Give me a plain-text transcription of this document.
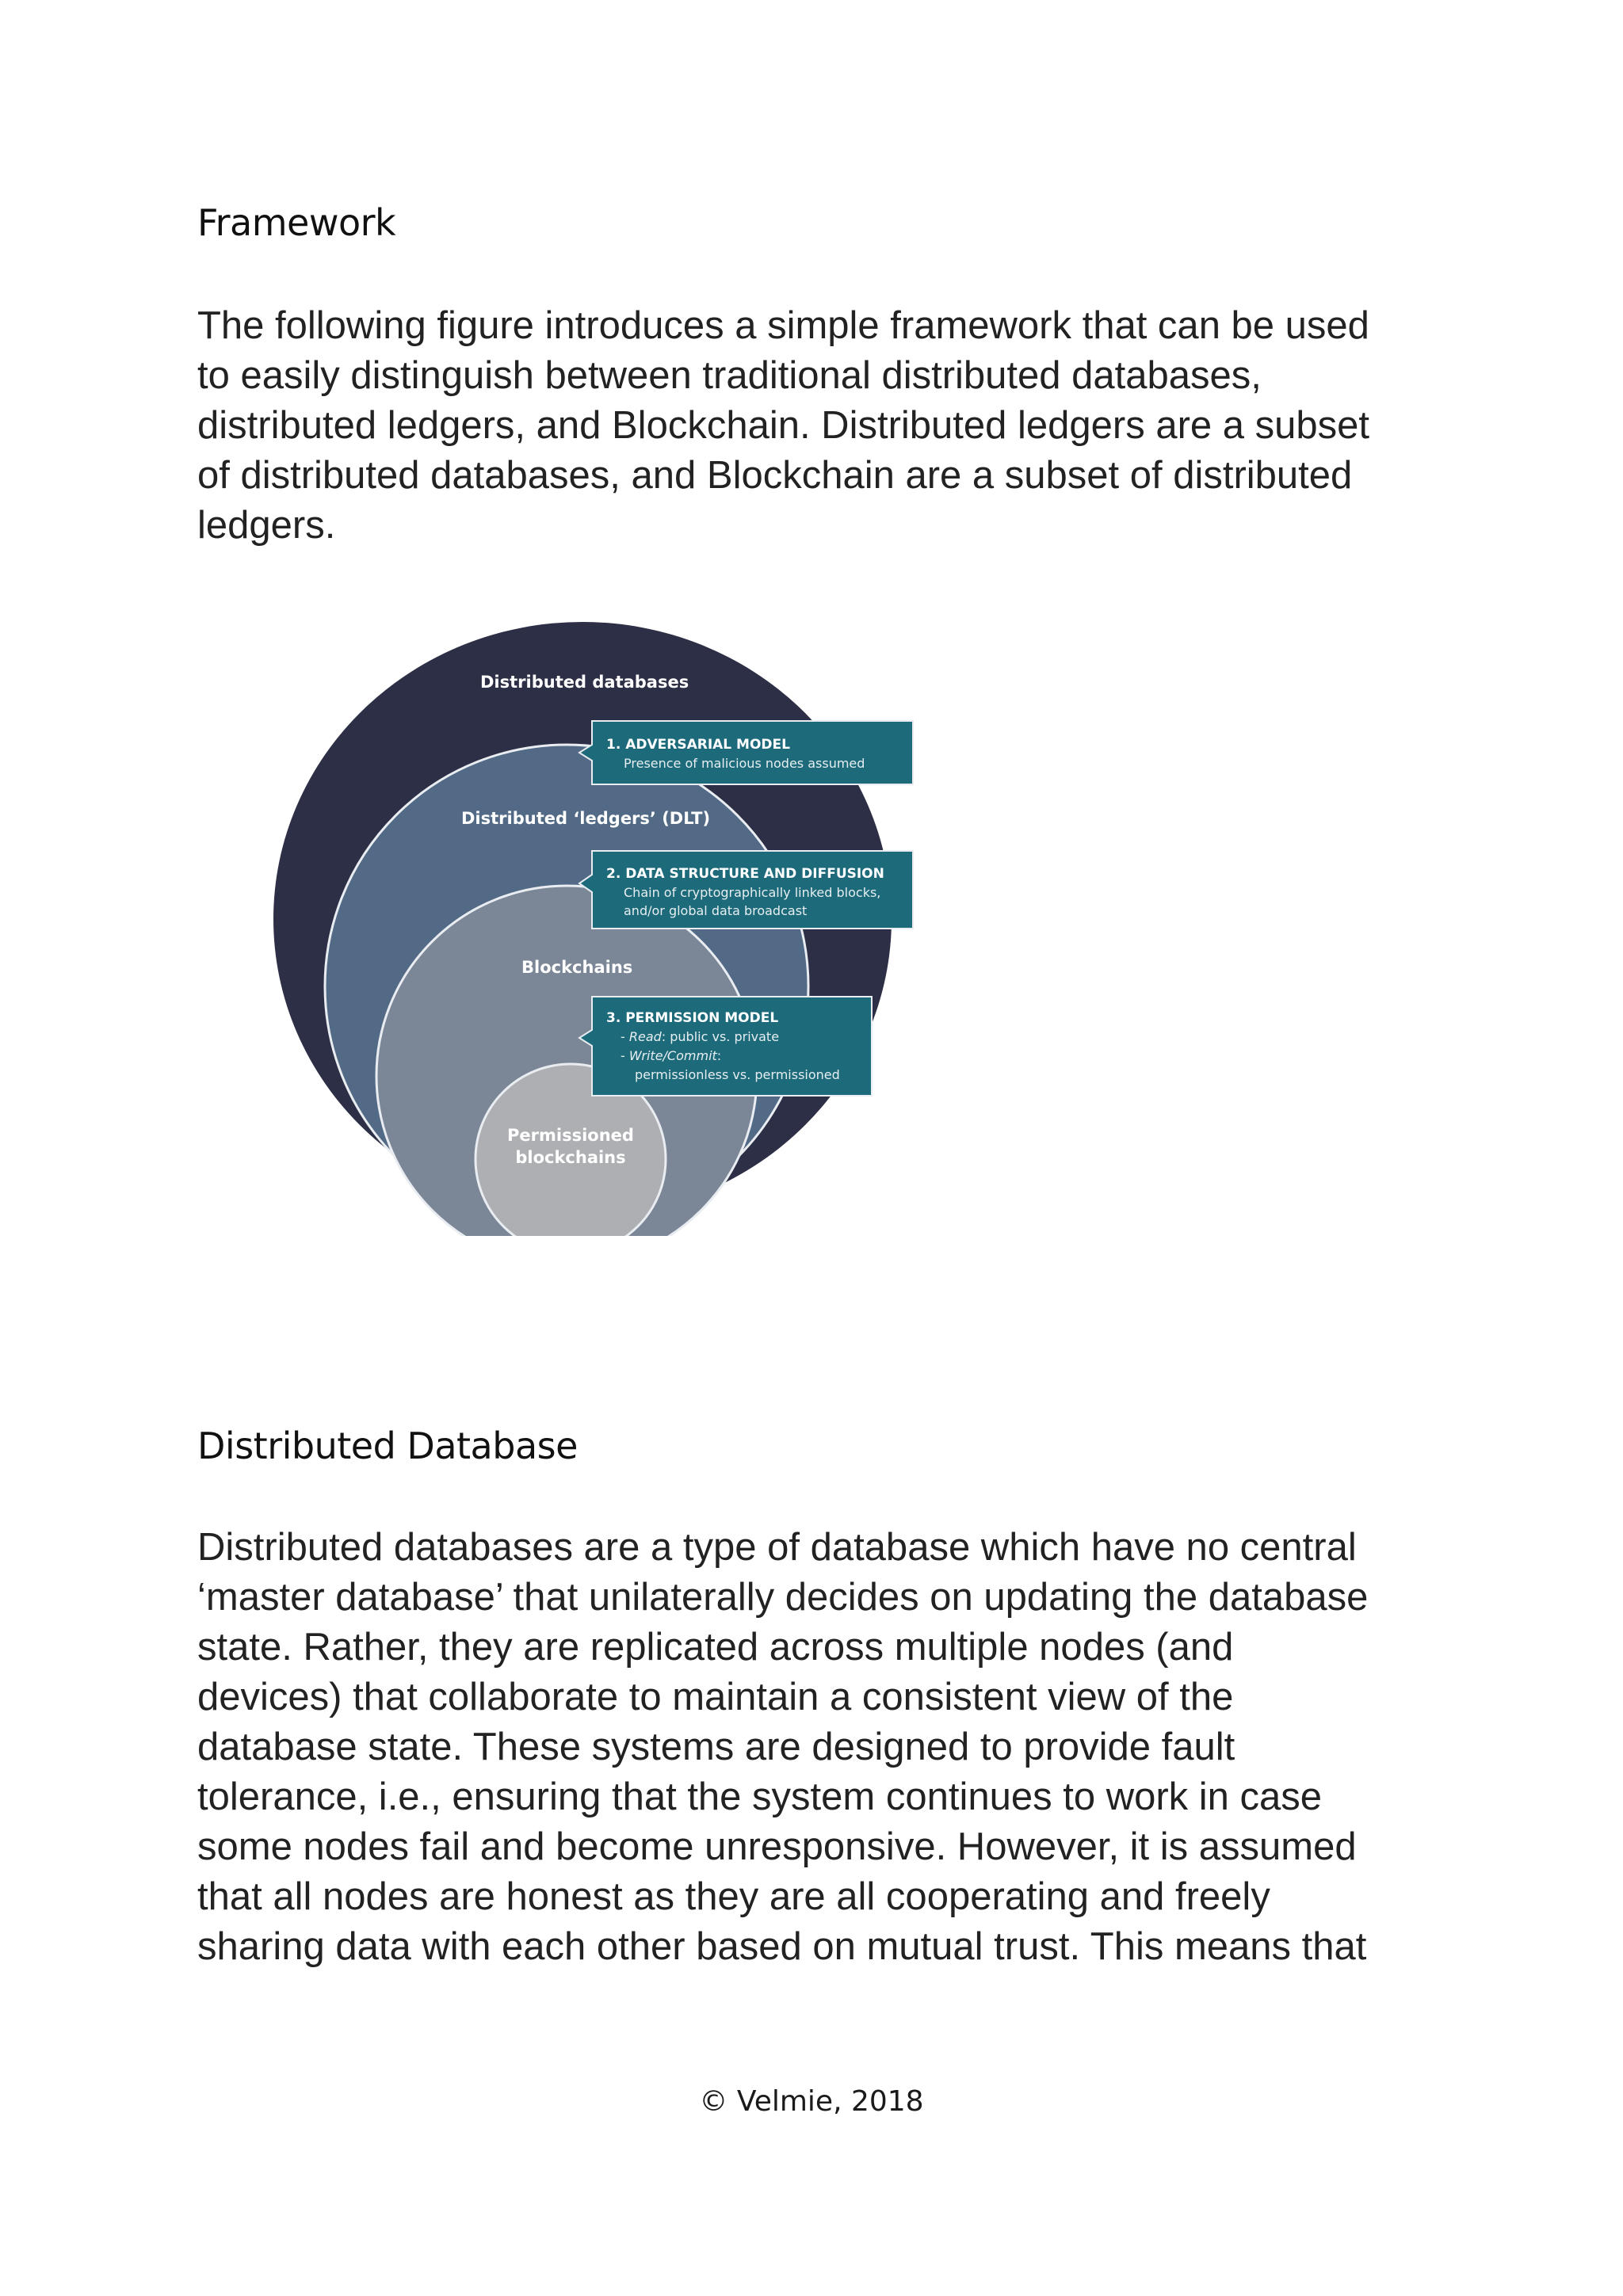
Framework
The following figure introduces a simple framework that can be used
to easily distinguish between traditional distributed databases,
distributed ledgers, and Blockchain. Distributed ledgers are a subset
of distributed databases, and Blockchain are a subset of distributed
ledgers.
Distributed databases
Distributed ‘ledgers’ (DLT)
Blockchains
Permissioned
blockchains
1. ADVERSARIAL MODEL
Presence of malicious nodes assumed
2. DATA STRUCTURE AND DIFFUSION
Chain of cryptographically linked blocks,
and/or global data broadcast
3. PERMISSION MODEL
- Read: public vs. private
- Write/Commit:
permissionless vs. permissioned
Distributed Database
Distributed databases are a type of database which have no central
‘master database’ that unilaterally decides on updating the database
state. Rather, they are replicated across multiple nodes (and
devices) that collaborate to maintain a consistent view of the
database state. These systems are designed to provide fault
tolerance, i.e., ensuring that the system continues to work in case
some nodes fail and become unresponsive. However, it is assumed
that all nodes are honest as they are all cooperating and freely
sharing data with each other based on mutual trust. This means that
© Velmie, 2018
